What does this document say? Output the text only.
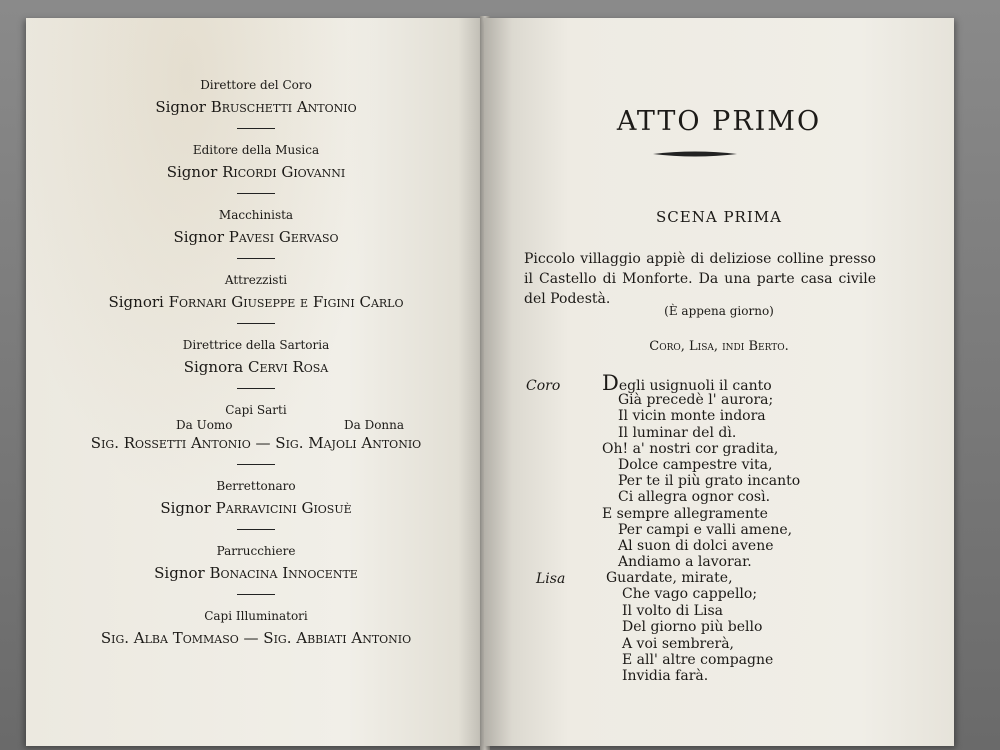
Direttore del Coro
Signor Bruschetti Antonio
Editore della Musica
Signor Ricordi Giovanni
Macchinista
Signor Pavesi Gervaso
Attrezzisti
Signori Fornari Giuseppe e Figini Carlo
Direttrice della Sartoria
Signora Cervi Rosa
Capi Sarti
Da Uomo	Da Donna
Sig. Rossetti Antonio — Sig. Majoli Antonio
Berrettonaro
Signor Parravicini Giosuè
Parrucchiere
Signor Bonacina Innocente
Capi Illuminatori
Sig. Alba Tommaso — Sig. Abbiati Antonio
ATTO PRIMO
SCENA PRIMA
Piccolo villaggio appiè di deliziose colline presso il Castello di Monforte. Da una parte casa civile del Podestà.
(È appena giorno)
Coro, Lisa, indi Berto.
Coro Degli usignuoli il canto
Già precedè l' aurora;
Il vicin monte indora
Il luminar del dì.
Oh! a' nostri cor gradita,
Dolce campestre vita,
Per te il più grato incanto
Ci allegra ognor così.
E sempre allegramente
Per campi e valli amene,
Al suon di dolci avene
Andiamo a lavorar.
Lisa	Guardate, mirate,
Che vago cappello;
Il volto di Lisa
Del giorno più bello
A voi sembrerà,
E all' altre compagne
Invidia farà.
